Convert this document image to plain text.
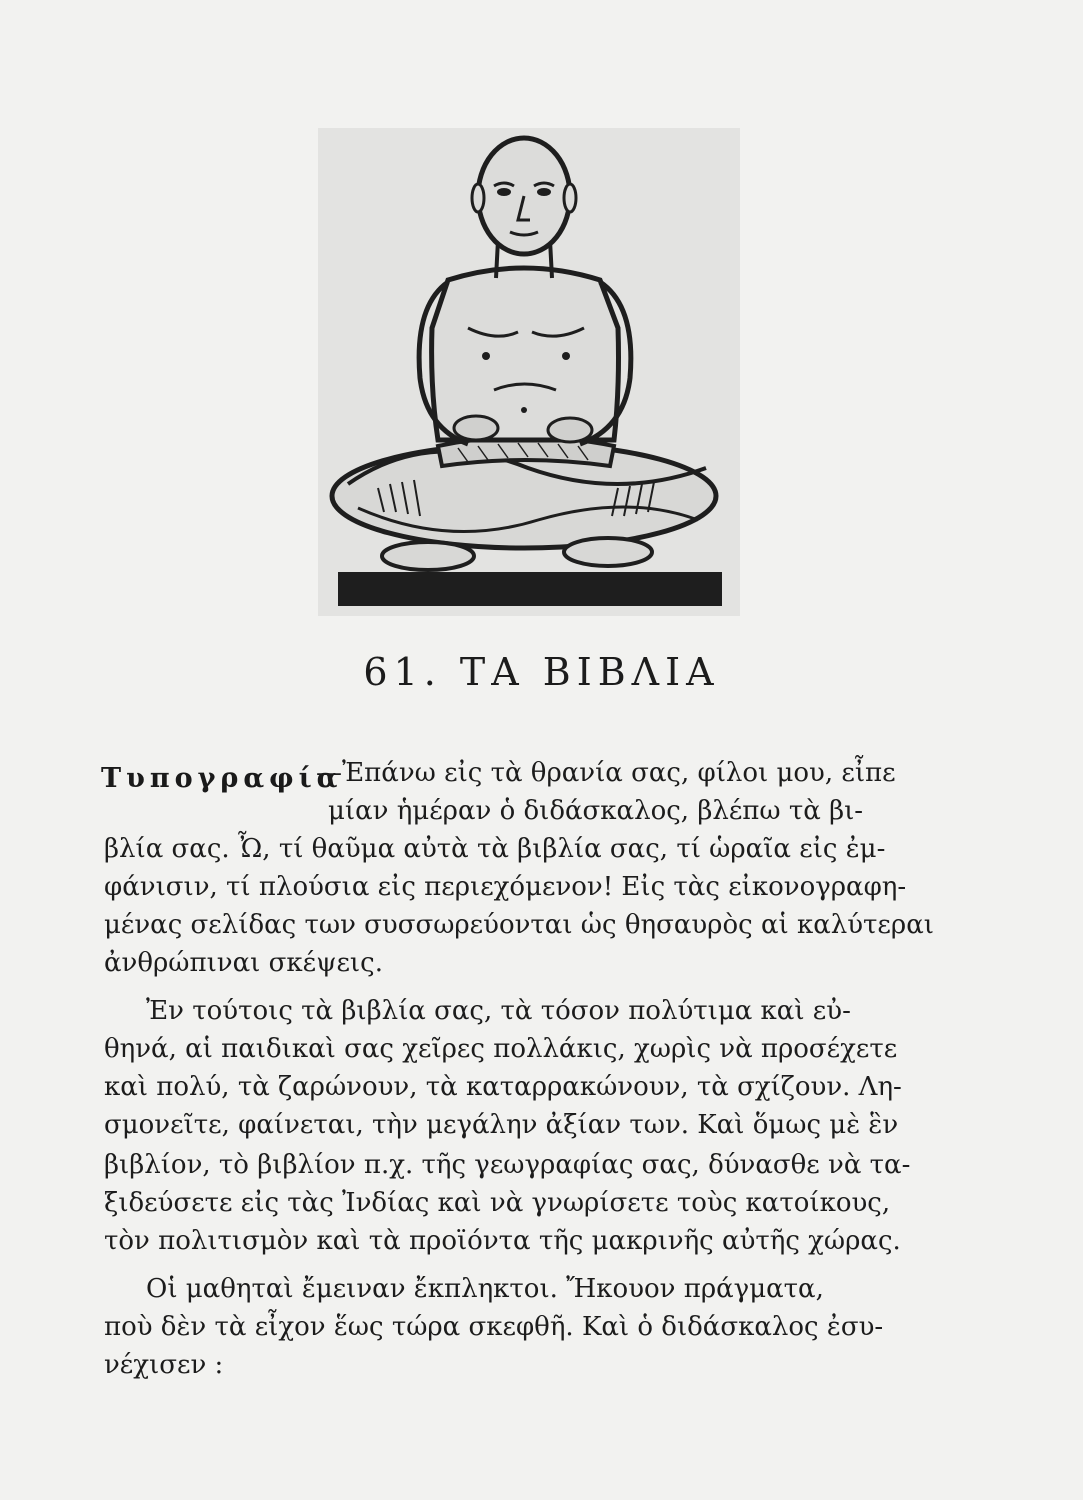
61. ΤΑ ΒΙΒΛΙΑ
Τυπογραφία
—Ἐπάνω εἰς τὰ θρανία σας, φίλοι μου, εἶπε
μίαν ἡμέραν ὁ διδάσκαλος, βλέπω τὰ βι-
βλία σας. Ὦ, τί θαῦμα αὐτὰ τὰ βιβλία σας, τί ὡραῖα εἰς ἐμ-
φάνισιν, τί πλούσια εἰς περιεχόμενον! Εἰς τὰς εἰκονογραφη-
μένας σελίδας των συσσωρεύονται ὡς θησαυρὸς αἱ καλύτεραι
ἀνθρώπιναι σκέψεις.
Ἐν τούτοις τὰ βιβλία σας, τὰ τόσον πολύτιμα καὶ εὐ-
θηνά, αἱ παιδικαὶ σας χεῖρες πολλάκις, χωρὶς νὰ προσέχετε
καὶ πολύ, τὰ ζαρώνουν, τὰ καταρρακώνουν, τὰ σχίζουν. Λη-
σμονεῖτε, φαίνεται, τὴν μεγάλην ἀξίαν των. Καὶ ὅμως μὲ ἓν
βιβλίον, τὸ βιβλίον π.χ. τῆς γεωγραφίας σας, δύνασθε νὰ τα-
ξιδεύσετε εἰς τὰς Ἰνδίας καὶ νὰ γνωρίσετε τοὺς κατοίκους,
τὸν πολιτισμὸν καὶ τὰ προϊόντα τῆς μακρινῆς αὐτῆς χώρας.
Οἱ μαθηταὶ ἔμειναν ἔκπληκτοι. Ἤκουον πράγματα,
ποὺ δὲν τὰ εἶχον ἕως τώρα σκεφθῆ. Καὶ ὁ διδάσκαλος ἐσυ-
νέχισεν :
